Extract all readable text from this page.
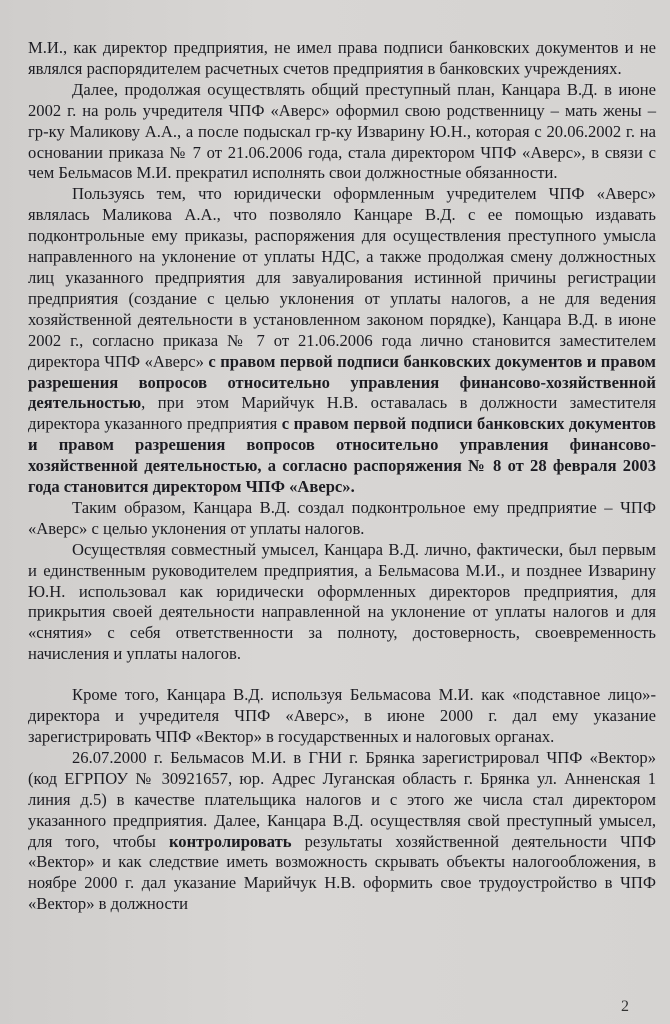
М.И., как директор предприятия, не имел права подписи банковских документов и не являлся распорядителем расчетных счетов предприятия в банковских учреждениях.

Далее, продолжая осуществлять общий преступный план, Канцара В.Д. в июне 2002 г. на роль учредителя ЧПФ «Аверс» оформил свою родственницу – мать жены – гр-ку Маликову А.А., а после подыскал гр-ку Изварину Ю.Н., которая с 20.06.2002 г. на основании приказа № 7 от 21.06.2006 года, стала директором ЧПФ «Аверс», в связи с чем Бельмасов М.И. прекратил исполнять свои должностные обязанности.

Пользуясь тем, что юридически оформленным учредителем ЧПФ «Аверс» являлась Маликова А.А., что позволяло Канцаре В.Д. с ее помощью издавать подконтрольные ему приказы, распоряжения для осуществления преступного умысла направленного на уклонение от уплаты НДС, а также продолжая смену должностных лиц указанного предприятия для завуалирования истинной причины регистрации предприятия (создание с целью уклонения от уплаты налогов, а не для ведения хозяйственной деятельности в установленном законом порядке), Канцара В.Д. в июне 2002 г., согласно приказа № 7 от 21.06.2006 года лично становится заместителем директора ЧПФ «Аверс» с правом первой подписи банковских документов и правом разрешения вопросов относительно управления финансово-хозяйственной деятельностью, при этом Марийчук Н.В. оставалась в должности заместителя директора указанного предприятия с правом первой подписи банковских документов и правом разрешения вопросов относительно управления финансово-хозяйственной деятельностью, а согласно распоряжения № 8 от 28 февраля 2003 года становится директором ЧПФ «Аверс».

Таким образом, Канцара В.Д. создал подконтрольное ему предприятие – ЧПФ «Аверс» с целью уклонения от уплаты налогов.

Осуществляя совместный умысел, Канцара В.Д. лично, фактически, был первым и единственным руководителем предприятия, а Бельмасова М.И., и позднее Изварину Ю.Н. использовал как юридически оформленных директоров предприятия, для прикрытия своей деятельности направленной на уклонение от уплаты налогов и для «снятия» с себя ответственности за полноту, достоверность, своевременность начисления и уплаты налогов.

Кроме того, Канцара В.Д. используя Бельмасова М.И. как «подставное лицо»- директора и учредителя ЧПФ «Аверс», в июне 2000 г. дал ему указание зарегистрировать ЧПФ «Вектор» в государственных и налоговых органах.

26.07.2000 г. Бельмасов М.И. в ГНИ г. Брянка зарегистрировал ЧПФ «Вектор» (код ЕГРПОУ № 30921657, юр. Адрес Луганская область г. Брянка ул. Анненская 1 линия д.5) в качестве плательщика налогов и с этого же числа стал директором указанного предприятия. Далее, Канцара В.Д. осуществляя свой преступный умысел, для того, чтобы контролировать результаты хозяйственной деятельности ЧПФ «Вектор» и как следствие иметь возможность скрывать объекты налогообложения, в ноябре 2000 г. дал указание Марийчук Н.В. оформить свое трудоустройство в ЧПФ «Вектор» в должности

2
